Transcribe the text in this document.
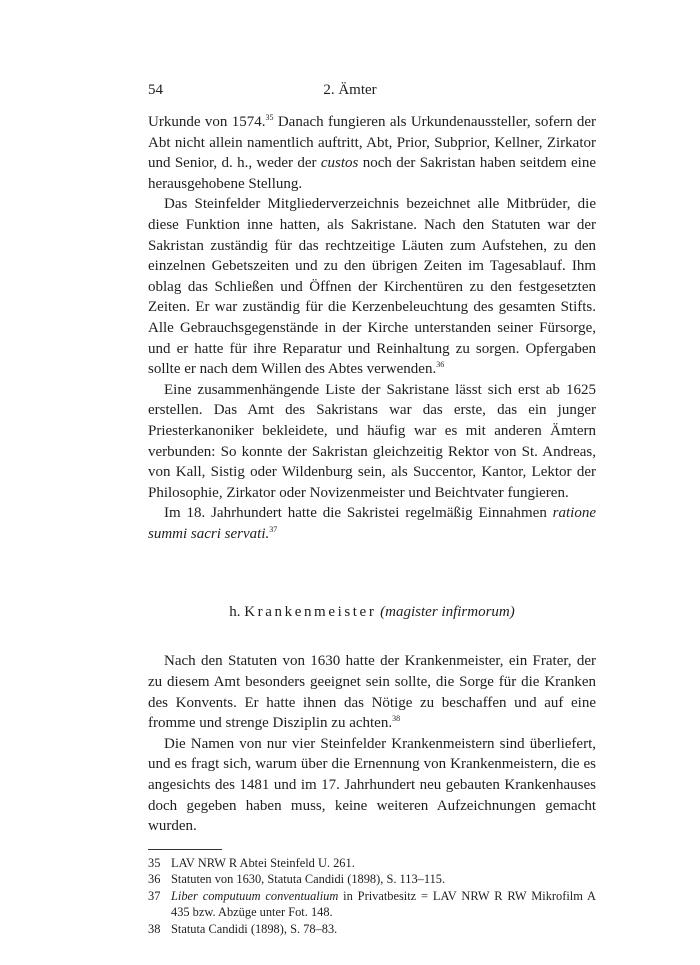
54	2. Ämter

Urkunde von 1574.35 Danach fungieren als Urkundenaussteller, sofern der Abt nicht allein namentlich auftritt, Abt, Prior, Subprior, Kellner, Zirkator und Senior, d. h., weder der custos noch der Sakristan haben seitdem eine herausgehobene Stellung.

Das Steinfelder Mitgliederverzeichnis bezeichnet alle Mitbrüder, die diese Funktion inne hatten, als Sakristane. Nach den Statuten war der Sakristan zuständig für das rechtzeitige Läuten zum Aufstehen, zu den einzelnen Gebetszeiten und zu den übrigen Zeiten im Tagesablauf. Ihm oblag das Schließen und Öffnen der Kirchentüren zu den festgesetzten Zeiten. Er war zuständig für die Kerzenbeleuchtung des gesamten Stifts. Alle Gebrauchsgegenstände in der Kirche unterstanden seiner Fürsorge, und er hatte für ihre Reparatur und Reinhaltung zu sorgen. Opfergaben sollte er nach dem Willen des Abtes verwenden.$^{36}$

Eine zusammenhängende Liste der Sakristane lässt sich erst ab 1625 erstellen. Das Amt des Sakristans war das erste, das ein junger Priesterkanoniker bekleidete, und häufig war es mit anderen Ämtern verbunden: So konnte der Sakristan gleichzeitig Rektor von St. Andreas, von Kall, Sistig oder Wildenburg sein, als Succentor, Kantor, Lektor der Philosophie, Zirkator oder Novizenmeister und Beichtvater fungieren.

Im 18. Jahrhundert hatte die Sakristei regelmäßig Einnahmen ratione summi sacri servati.$^{37}$

h. Krankenmeister (magister infirmorum)

Nach den Statuten von 1630 hatte der Krankenmeister, ein Frater, der zu diesem Amt besonders geeignet sein sollte, die Sorge für die Kranken des Konvents. Er hatte ihnen das Nötige zu beschaffen und auf eine fromme und strenge Disziplin zu achten.$^{38}$

Die Namen von nur vier Steinfelder Krankenmeistern sind überliefert, und es fragt sich, warum über die Ernennung von Krankenmeistern, die es angesichts des 1481 und im 17. Jahrhundert neu gebauten Krankenhauses doch gegeben haben muss, keine weiteren Aufzeichnungen gemacht wurden.

35 LAV NRW R Abtei Steinfeld U. 261.
36 Statuten von 1630, Statuta Candidi (1898), S. 113–115.
37 Liber computuum conventualium in Privatbesitz = LAV NRW R RW Mikrofilm A 435 bzw. Abzüge unter Fot. 148.
38 Statuta Candidi (1898), S. 78–83.
